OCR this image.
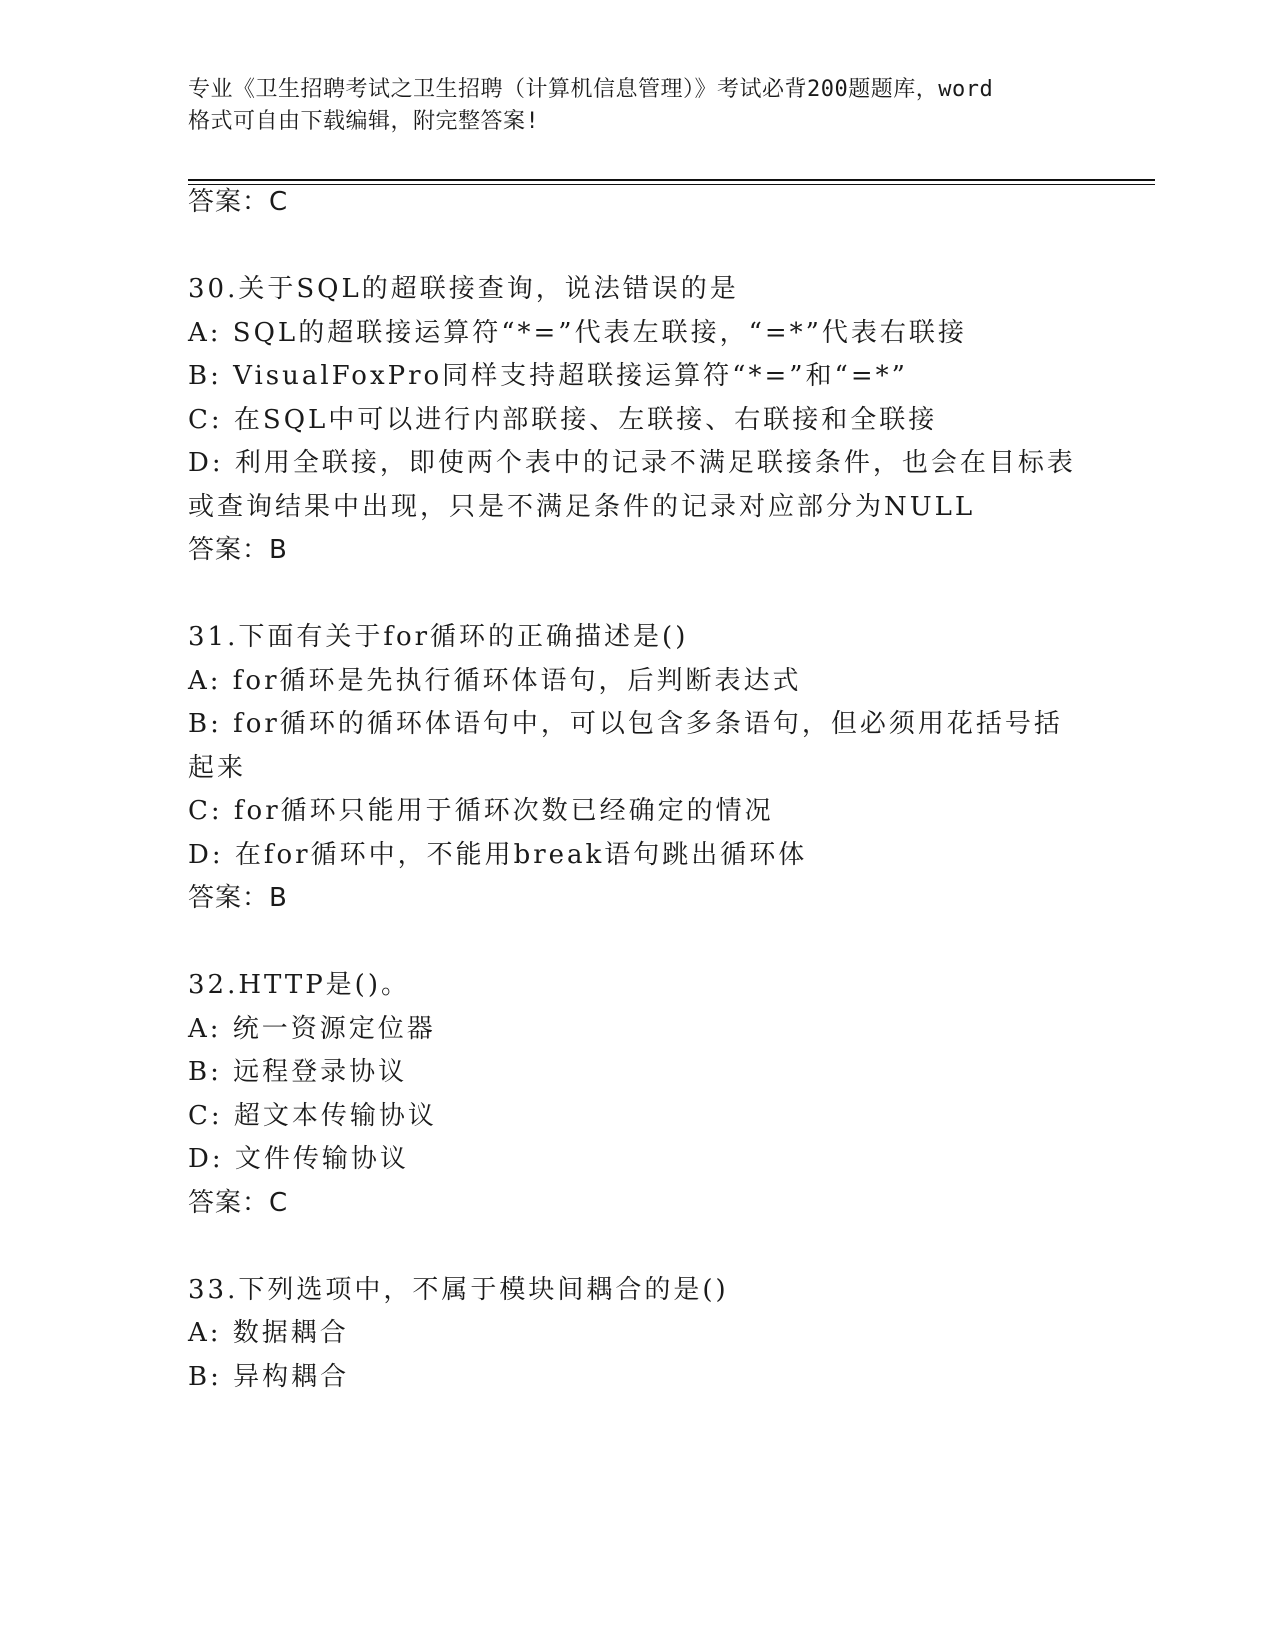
专业《卫生招聘考试之卫生招聘（计算机信息管理）》考试必背200题题库，word
格式可自由下载编辑，附完整答案!
答案：C
30.关于SQL的超联接查询，说法错误的是
A: SQL的超联接运算符“*=”代表左联接，“=*”代表右联接
B: VisualFoxPro同样支持超联接运算符“*=”和“=*”
C: 在SQL中可以进行内部联接、左联接、右联接和全联接
D: 利用全联接，即使两个表中的记录不满足联接条件，也会在目标表
或查询结果中出现，只是不满足条件的记录对应部分为NULL
答案：B
31.下面有关于for循环的正确描述是()
A: for循环是先执行循环体语句，后判断表达式
B: for循环的循环体语句中，可以包含多条语句，但必须用花括号括
起来
C: for循环只能用于循环次数已经确定的情况
D: 在for循环中，不能用break语句跳出循环体
答案：B
32.HTTP是()。
A: 统一资源定位器
B: 远程登录协议
C: 超文本传输协议
D: 文件传输协议
答案：C
33.下列选项中，不属于模块间耦合的是()
A: 数据耦合
B: 异构耦合
